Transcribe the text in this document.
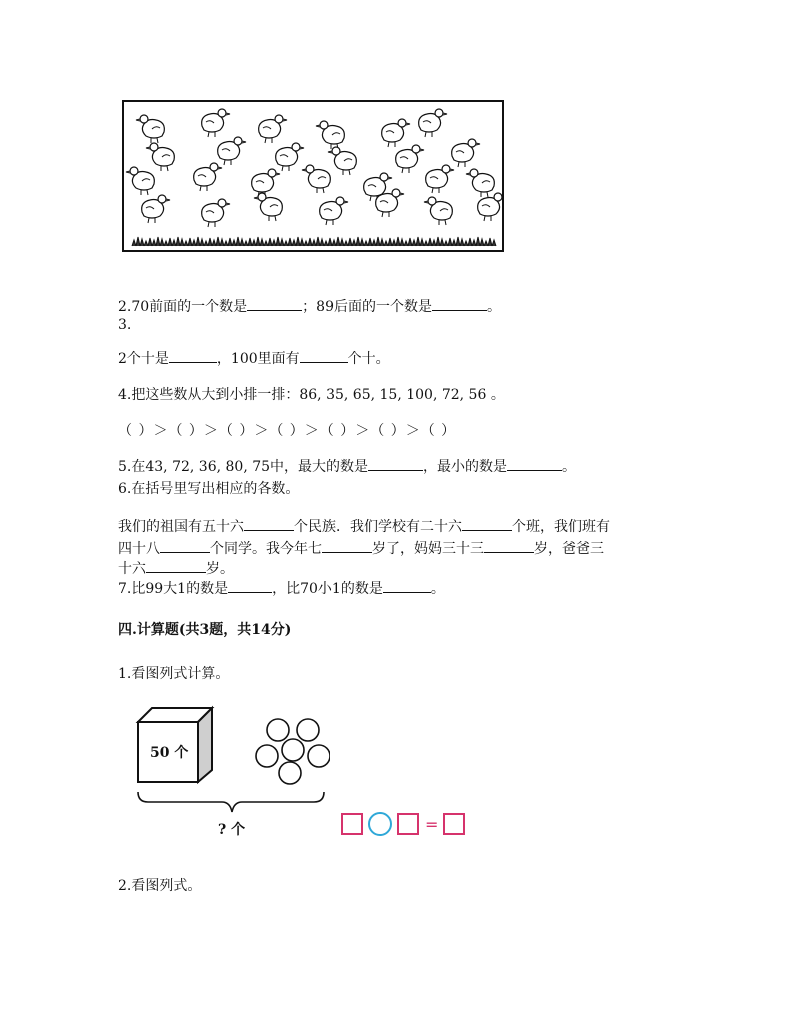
2.70前面的一个数是	；89后面的一个数是	。
3.
2个十是	，100里面有	个十。
4.把这些数从大到小排一排：86, 35, 65, 15, 100, 72, 56 。
（ ）＞（ ）＞（ ）＞（ ）＞（ ）＞（ ）＞（ ）
5.在43, 72, 36, 80, 75中，最大的数是	，最小的数是	。
6.在括号里写出相应的各数。
我们的祖国有五十六	个民族．我们学校有二十六	个班，我们班有
四十八	个同学。我今年七	岁了，妈妈三十三	岁，爸爸三
十六	岁。
7.比99大1的数是	，比70小1的数是	。
四.计算题(共3题，共14分)
1.看图列式计算。
50 个
? 个	=
2.看图列式。
